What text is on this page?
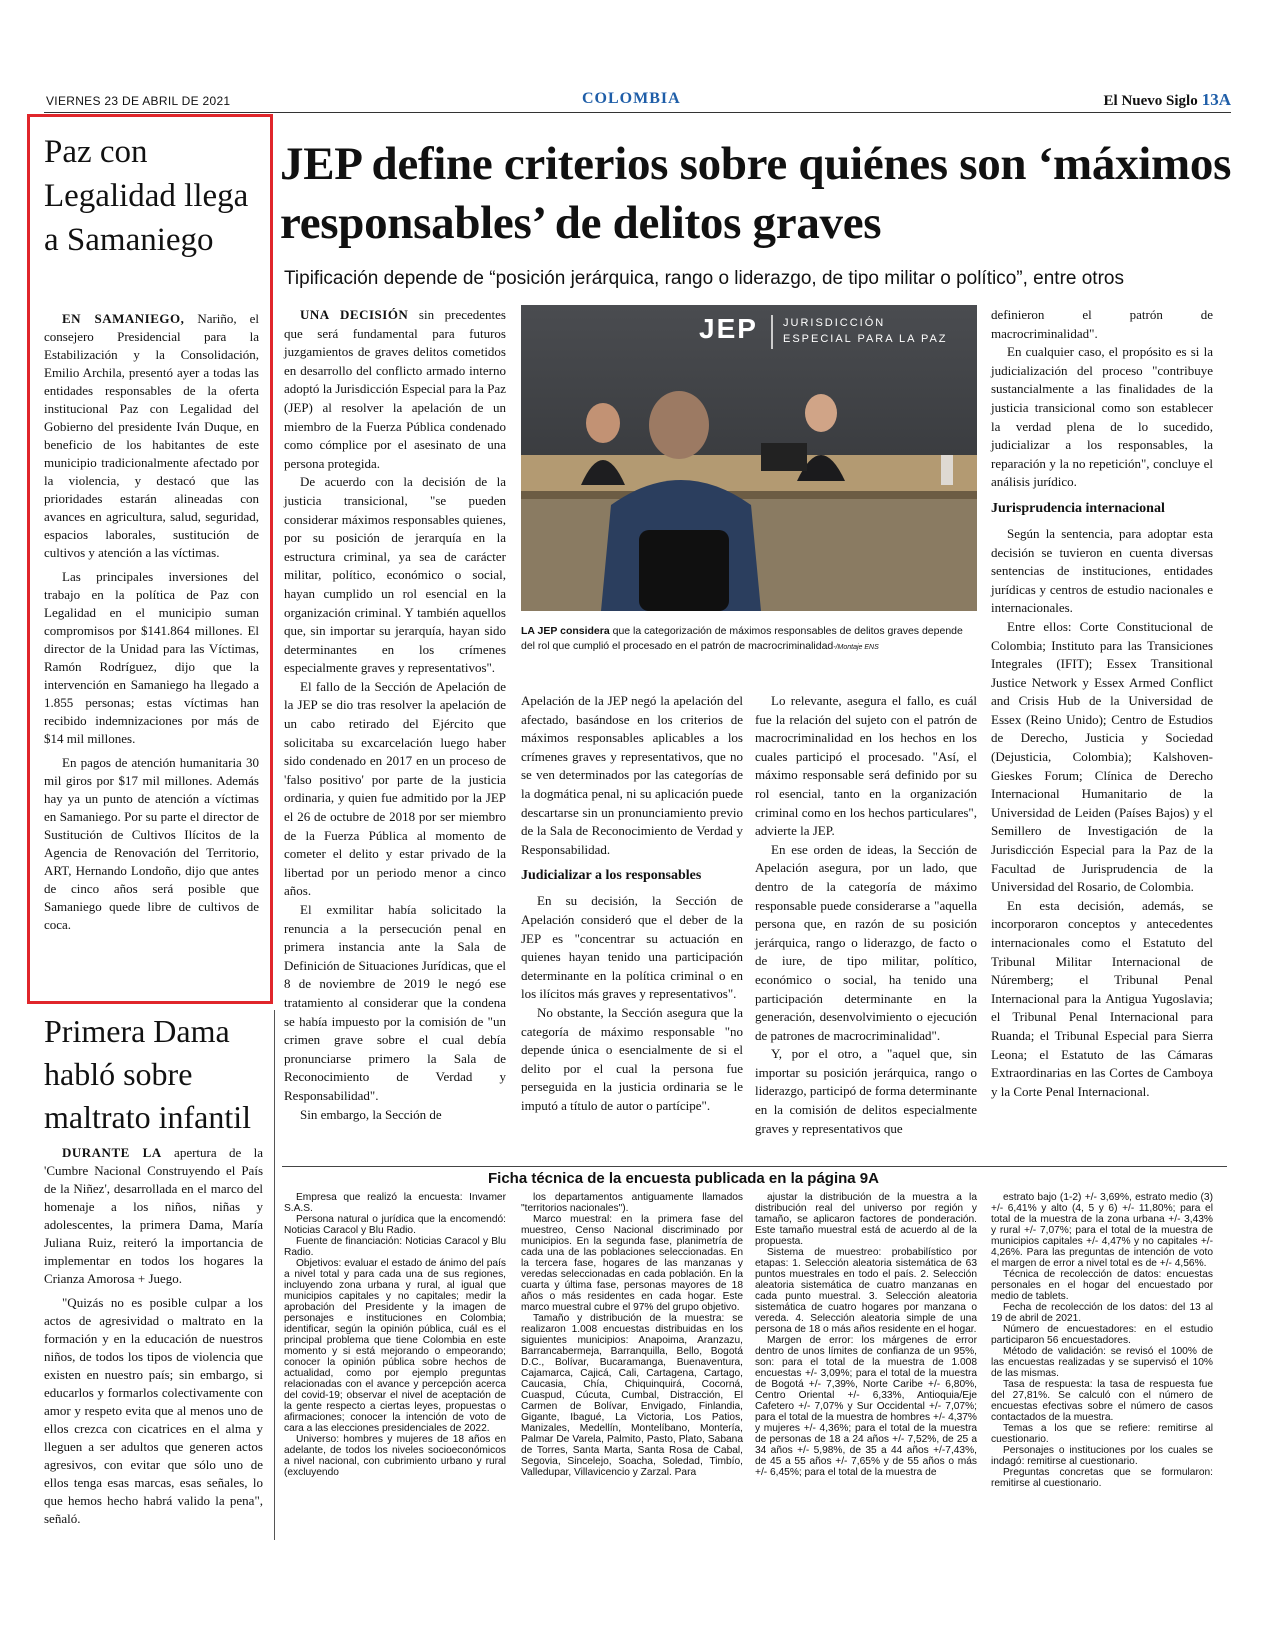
VIERNES 23 DE ABRIL DE 2021	COLOMBIA	El Nuevo Siglo 13A
Paz con Legalidad llega a Samaniego

EN SAMANIEGO, Nariño, el consejero Presidencial para la Estabilización y la Consolidación, Emilio Archila, presentó ayer a todas las entidades responsables de la oferta institucional Paz con Legalidad del Gobierno del presidente Iván Duque, en beneficio de los habitantes de este municipio tradicionalmente afectado por la violencia, y destacó que las prioridades estarán alineadas con avances en agricultura, salud, seguridad, espacios laborales, sustitución de cultivos y atención a las víctimas.

Las principales inversiones del trabajo en la política de Paz con Legalidad en el municipio suman compromisos por $141.864 millones. El director de la Unidad para las Víctimas, Ramón Rodríguez, dijo que la intervención en Samaniego ha llegado a 1.855 personas; estas víctimas han recibido indemnizaciones por más de $14 mil millones.

En pagos de atención humanitaria 30 mil giros por $17 mil millones. Además hay ya un punto de atención a víctimas en Samaniego. Por su parte el director de Sustitución de Cultivos Ilícitos de la Agencia de Renovación del Territorio, ART, Hernando Londoño, dijo que antes de cinco años será posible que Samaniego quede libre de cultivos de coca.

Primera Dama habló sobre maltrato infantil

DURANTE LA apertura de la 'Cumbre Nacional Construyendo el País de la Niñez', desarrollada en el marco del homenaje a los niños, niñas y adolescentes, la primera Dama, María Juliana Ruiz, reiteró la importancia de implementar en todos los hogares la Crianza Amorosa + Juego.

"Quizás no es posible culpar a los actos de agresividad o maltrato en la formación y en la educación de nuestros niños, de todos los tipos de violencia que existen en nuestro país; sin embargo, si educarlos y formarlos colectivamente con amor y respeto evita que al menos uno de ellos crezca con cicatrices en el alma y lleguen a ser adultos que generen actos agresivos, con evitar que sólo uno de ellos tenga esas marcas, esas señales, lo que hemos hecho habrá valido la pena", señaló.

JEP define criterios sobre quiénes son ‘máximos responsables’ de delitos graves
Tipificación depende de “posición jerárquica, rango o liderazgo, de tipo militar o político”, entre otros
JEP JURISDICCIÓN
ESPECIAL PARA LA PAZ
LA JEP considera que la categorización de máximos responsables de delitos graves depende del rol que cumplió el procesado en el patrón de macrocriminalidad-/Montaje ENS

UNA DECISIÓN sin precedentes que será fundamental para futuros juzgamientos de graves delitos cometidos en desarrollo del conflicto armado interno adoptó la Jurisdicción Especial para la Paz (JEP) al resolver la apelación de un miembro de la Fuerza Pública condenado como cómplice por el asesinato de una persona protegida.

De acuerdo con la decisión de la justicia transicional, "se pueden considerar máximos responsables quienes, por su posición de jerarquía en la estructura criminal, ya sea de carácter militar, político, económico o social, hayan cumplido un rol esencial en la organización criminal. Y también aquellos que, sin importar su jerarquía, hayan sido determinantes en los crímenes especialmente graves y representativos".

El fallo de la Sección de Apelación de la JEP se dio tras resolver la apelación de un cabo retirado del Ejército que solicitaba su excarcelación luego haber sido condenado en 2017 en un proceso de 'falso positivo' por parte de la justicia ordinaria, y quien fue admitido por la JEP el 26 de octubre de 2018 por ser miembro de la Fuerza Pública al momento de cometer el delito y estar privado de la libertad por un periodo menor a cinco años.

El exmilitar había solicitado la renuncia a la persecución penal en primera instancia ante la Sala de Definición de Situaciones Jurídicas, que el 8 de noviembre de 2019 le negó ese tratamiento al considerar que la condena se había impuesto por la comisión de "un crimen grave sobre el cual debía pronunciarse primero la Sala de Reconocimiento de Verdad y Responsabilidad".

Sin embargo, la Sección de

Apelación de la JEP negó la apelación del afectado, basándose en los criterios de máximos responsables aplicables a los crímenes graves y representativos, que no se ven determinados por las categorías de la dogmática penal, ni su aplicación puede descartarse sin un pronunciamiento previo de la Sala de Reconocimiento de Verdad y Responsabilidad.

Judicializar a los responsables

En su decisión, la Sección de Apelación consideró que el deber de la JEP es "concentrar su actuación en quienes hayan tenido una participación determinante en la política criminal o en los ilícitos más graves y representativos".

No obstante, la Sección asegura que la categoría de máximo responsable "no depende única o esencialmente de si el delito por el cual la persona fue perseguida en la justicia ordinaria se le imputó a título de autor o partícipe".

Lo relevante, asegura el fallo, es cuál fue la relación del sujeto con el patrón de macrocriminalidad en los hechos en los cuales participó el procesado. "Así, el máximo responsable será definido por su rol esencial, tanto en la organización criminal como en los hechos particulares", advierte la JEP.

En ese orden de ideas, la Sección de Apelación asegura, por un lado, que dentro de la categoría de máximo responsable puede considerarse a "aquella persona que, en razón de su posición jerárquica, rango o liderazgo, de facto o de iure, de tipo militar, político, económico o social, ha tenido una participación determinante en la generación, desenvolvimiento o ejecución de patrones de macrocriminalidad".

Y, por el otro, a "aquel que, sin importar su posición jerárquica, rango o liderazgo, participó de forma determinante en la comisión de delitos especialmente graves y representativos que

definieron el patrón de macrocriminalidad".

En cualquier caso, el propósito es si la judicialización del proceso "contribuye sustancialmente a las finalidades de la justicia transicional como son establecer la verdad plena de lo sucedido, judicializar a los responsables, la reparación y la no repetición", concluye el análisis jurídico.

Jurisprudencia internacional

Según la sentencia, para adoptar esta decisión se tuvieron en cuenta diversas sentencias de instituciones, entidades jurídicas y centros de estudio nacionales e internacionales.

Entre ellos: Corte Constitucional de Colombia; Instituto para las Transiciones Integrales (IFIT); Essex Transitional Justice Network y Essex Armed Conflict and Crisis Hub de la Universidad de Essex (Reino Unido); Centro de Estudios de Derecho, Justicia y Sociedad (Dejusticia, Colombia); Kalshoven-Gieskes Forum; Clínica de Derecho Internacional Humanitario de la Universidad de Leiden (Países Bajos) y el Semillero de Investigación de la Jurisdicción Especial para la Paz de la Facultad de Jurisprudencia de la Universidad del Rosario, de Colombia.

En esta decisión, además, se incorporaron conceptos y antecedentes internacionales como el Estatuto del Tribunal Militar Internacional de Núremberg; el Tribunal Penal Internacional para la Antigua Yugoslavia; el Tribunal Penal Internacional para Ruanda; el Tribunal Especial para Sierra Leona; el Estatuto de las Cámaras Extraordinarias en las Cortes de Camboya y la Corte Penal Internacional.

Ficha técnica de la encuesta publicada en la página 9A

Empresa que realizó la encuesta: Invamer S.A.S.

Persona natural o jurídica que la encomendó: Noticias Caracol y Blu Radio.

Fuente de financiación: Noticias Caracol y Blu Radio.

Objetivos: evaluar el estado de ánimo del país a nivel total y para cada una de sus regiones, incluyendo zona urbana y rural, al igual que municipios capitales y no capitales; medir la aprobación del Presidente y la imagen de personajes e instituciones en Colombia; identificar, según la opinión pública, cuál es el principal problema que tiene Colombia en este momento y si está mejorando o empeorando; conocer la opinión pública sobre hechos de actualidad, como por ejemplo preguntas relacionadas con el avance y percepción acerca del covid-19; observar el nivel de aceptación de la gente respecto a ciertas leyes, propuestas o afirmaciones; conocer la intención de voto de cara a las elecciones presidenciales de 2022.

Universo: hombres y mujeres de 18 años en adelante, de todos los niveles socioeconómicos a nivel nacional, con cubrimiento urbano y rural (excluyendo

los departamentos antiguamente llamados "territorios nacionales").

Marco muestral: en la primera fase del muestreo, Censo Nacional discriminado por municipios. En la segunda fase, planimetría de cada una de las poblaciones seleccionadas. En la tercera fase, hogares de las manzanas y veredas seleccionadas en cada población. En la cuarta y última fase, personas mayores de 18 años o más residentes en cada hogar. Este marco muestral cubre el 97% del grupo objetivo.

Tamaño y distribución de la muestra: se realizaron 1.008 encuestas distribuidas en los siguientes municipios: Anapoima, Aranzazu, Barrancabermeja, Barranquilla, Bello, Bogotá D.C., Bolívar, Bucaramanga, Buenaventura, Cajamarca, Cajicá, Cali, Cartagena, Cartago, Caucasia, Chía, Chiquinquirá, Cocorná, Cuaspud, Cúcuta, Cumbal, Distracción, El Carmen de Bolívar, Envigado, Finlandia, Gigante, Ibagué, La Victoria, Los Patios, Manizales, Medellín, Montelíbano, Montería, Palmar De Varela, Palmito, Pasto, Plato, Sabana de Torres, Santa Marta, Santa Rosa de Cabal, Segovia, Sincelejo, Soacha, Soledad, Timbío, Valledupar, Villavicencio y Zarzal. Para

ajustar la distribución de la muestra a la distribución real del universo por región y tamaño, se aplicaron factores de ponderación. Este tamaño muestral está de acuerdo al de la propuesta.

Sistema de muestreo: probabilístico por etapas: 1. Selección aleatoria sistemática de 63 puntos muestrales en todo el país. 2. Selección aleatoria sistemática de cuatro manzanas en cada punto muestral. 3. Selección aleatoria sistemática de cuatro hogares por manzana o vereda. 4. Selección aleatoria simple de una persona de 18 o más años residente en el hogar.

Margen de error: los márgenes de error dentro de unos límites de confianza de un 95%, son: para el total de la muestra de 1.008 encuestas +/- 3,09%; para el total de la muestra de Bogotá +/- 7,39%, Norte Caribe +/- 6,80%, Centro Oriental +/- 6,33%, Antioquia/Eje Cafetero +/- 7,07% y Sur Occidental +/- 7,07%; para el total de la muestra de hombres +/- 4,37% y mujeres +/- 4,36%; para el total de la muestra de personas de 18 a 24 años +/- 7,52%, de 25 a 34 años +/- 5,98%, de 35 a 44 años +/-7,43%, de 45 a 55 años +/- 7,65% y de 55 años o más +/- 6,45%; para el total de la muestra de

estrato bajo (1-2) +/- 3,69%, estrato medio (3) +/- 6,41% y alto (4, 5 y 6) +/- 11,80%; para el total de la muestra de la zona urbana +/- 3,43% y rural +/- 7,07%; para el total de la muestra de municipios capitales +/- 4,47% y no capitales +/- 4,26%. Para las preguntas de intención de voto el margen de error a nivel total es de +/- 4,56%.

Técnica de recolección de datos: encuestas personales en el hogar del encuestado por medio de tablets.

Fecha de recolección de los datos: del 13 al 19 de abril de 2021.

Número de encuestadores: en el estudio participaron 56 encuestadores.

Método de validación: se revisó el 100% de las encuestas realizadas y se supervisó el 10% de las mismas.

Tasa de respuesta: la tasa de respuesta fue del 27,81%. Se calculó con el número de encuestas efectivas sobre el número de casos contactados de la muestra.

Temas a los que se refiere: remitirse al cuestionario.

Personajes o instituciones por los cuales se indagó: remitirse al cuestionario.

Preguntas concretas que se formularon: remitirse al cuestionario.
